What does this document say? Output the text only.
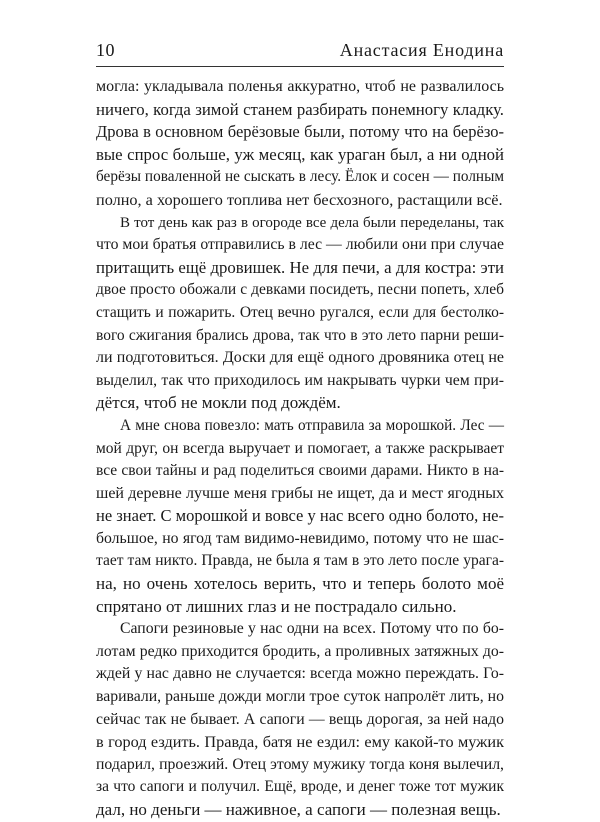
10	Анастасия Енодина
могла: укладывала поленья аккуратно, чтоб не развалилось
ничего, когда зимой станем разбирать понемногу кладку.
Дрова в основном берёзовые были, потому что на берёзо-
вые спрос больше, уж месяц, как ураган был, а ни одной
берёзы поваленной не сыскать в лесу. Ёлок и сосен — полным
полно, а хорошего топлива нет бесхозного, растащили всё.
В тот день как раз в огороде все дела были переделаны, так
что мои братья отправились в лес — любили они при случае
притащить ещё дровишек. Не для печи, а для костра: эти
двое просто обожали с девками посидеть, песни попеть, хлеб
стащить и пожарить. Отец вечно ругался, если для бестолко-
вого сжигания брались дрова, так что в это лето парни реши-
ли подготовиться. Доски для ещё одного дровяника отец не
выделил, так что приходилось им накрывать чурки чем при-
дётся, чтоб не мокли под дождём.
А мне снова повезло: мать отправила за морошкой. Лес —
мой друг, он всегда выручает и помогает, а также раскрывает
все свои тайны и рад поделиться своими дарами. Никто в на-
шей деревне лучше меня грибы не ищет, да и мест ягодных
не знает. С морошкой и вовсе у нас всего одно болото, не-
большое, но ягод там видимо-невидимо, потому что не шас-
тает там никто. Правда, не была я там в это лето после урага-
на, но очень хотелось верить, что и теперь болото моё
спрятано от лишних глаз и не пострадало сильно.
Сапоги резиновые у нас одни на всех. Потому что по бо-
лотам редко приходится бродить, а проливных затяжных до-
ждей у нас давно не случается: всегда можно переждать. Го-
варивали, раньше дожди могли трое суток напролёт лить, но
сейчас так не бывает. А сапоги — вещь дорогая, за ней надо
в город ездить. Правда, батя не ездил: ему какой-то мужик
подарил, проезжий. Отец этому мужику тогда коня вылечил,
за что сапоги и получил. Ещё, вроде, и денег тоже тот мужик
дал, но деньги — наживное, а сапоги — полезная вещь.
